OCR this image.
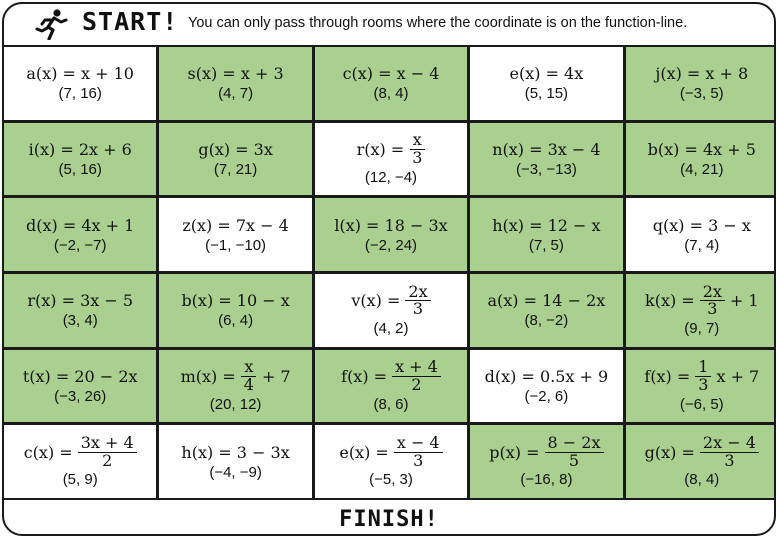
START! You can only pass through rooms where the coordinate is on the function-line.
a(x) = x + 10
(7, 16)
s(x) = x + 3
(4, 7)
c(x) = x − 4
(8, 4)
e(x) = 4x
(5, 15)
j(x) = x + 8
(−3, 5)
i(x) = 2x + 6
(5, 16)
g(x) = 3x
(7, 21)
$r(x) = \frac{x}{3}$
(12, −4)
n(x) = 3x − 4
(−3, −13)
b(x) = 4x + 5
(4, 21)
d(x) = 4x + 1
(−2, −7)
z(x) = 7x − 4
(−1, −10)
l(x) = 18 − 3x
(−2, 24)
h(x) = 12 − x
(7, 5)
q(x) = 3 − x
(7, 4)
r(x) = 3x − 5
(3, 4)
b(x) = 10 − x
(6, 4)
$v(x) = \frac{2x}{3}$
(4, 2)
a(x) = 14 − 2x
(8, −2)
$k(x) = \frac{2x}{3} + 1$
(9, 7)
t(x) = 20 − 2x
(−3, 26)
$m(x) = \frac{x}{4} + 7$
(20, 12)
$f(x) = \frac{x + 4}{2}$
(8, 6)
d(x) = 0.5x + 9
(−2, 6)
$f(x) = \frac{1}{3}$ x + 7
(−6, 5)
$c(x) = \frac{3x + 4}{2}$
(5, 9)
h(x) = 3 − 3x
(−4, −9)
$e(x) = \frac{x - 4}{3}$
(−5, 3)
$p(x) = \frac{8 - 2x}{5}$
(−16, 8)
$g(x) = \frac{2x - 4}{3}$
(8, 4)
FINISH!
